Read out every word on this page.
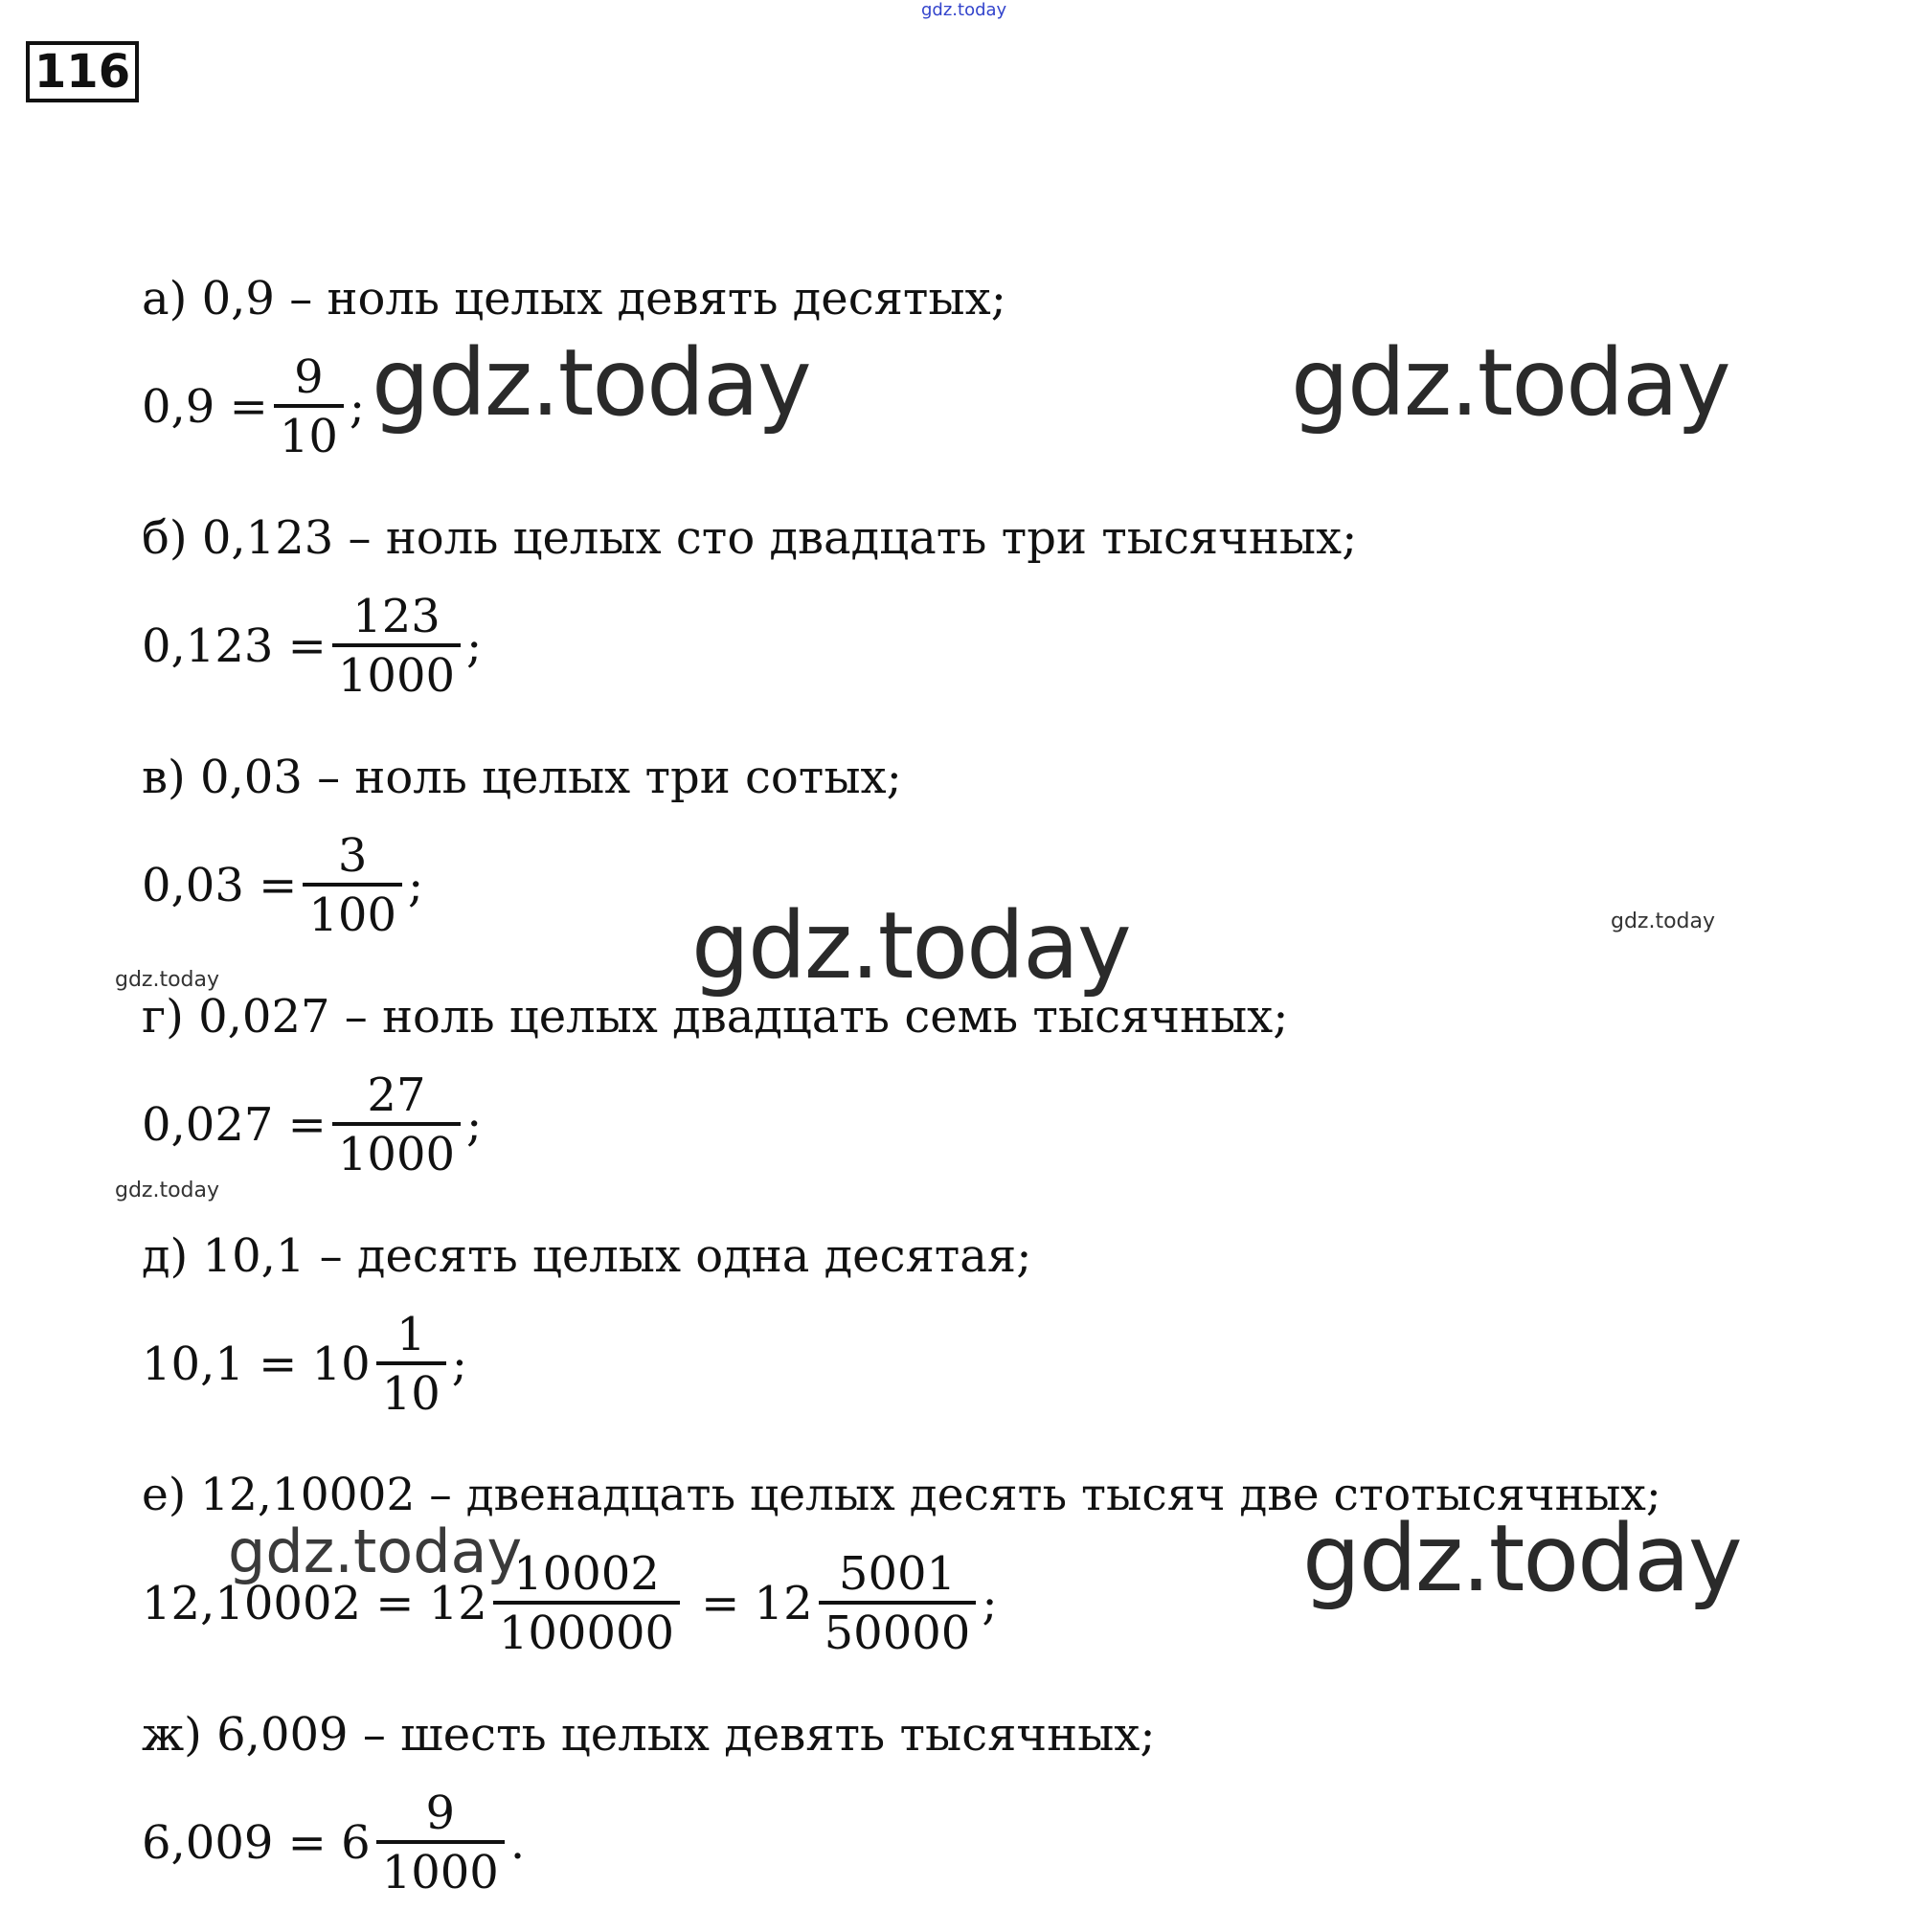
gdz.today
116
а) 0,9 – ноль целых девять десятых;
$0,9 = \frac{9}{10}$ ;
б) 0,123 – ноль целых сто двадцать три тысячных;
$0,123 = \frac{123}{1000}$ ;
в) 0,03 – ноль целых три сотых;
$0,03 = \frac{3}{100}$ ;
г) 0,027 – ноль целых двадцать семь тысячных;
$0,027 = \frac{27}{1000}$ ;
д) 10,1 – десять целых одна десятая;
$10,1 = 10 \frac{1}{10}$ ;
е) 12,10002 – двенадцать целых десять тысяч две стотысячных;
$12,10002 = 12 \frac{10002}{100000} = 12 \frac{5001}{50000}$ ;
ж) 6,009 – шесть целых девять тысячных;
$6,009 = 6 \frac{9}{1000}$ .
gdz.today	gdz.today
gdz.today
gdz.today
gdz.today
gdz.today
gdz.today	gdz.today
